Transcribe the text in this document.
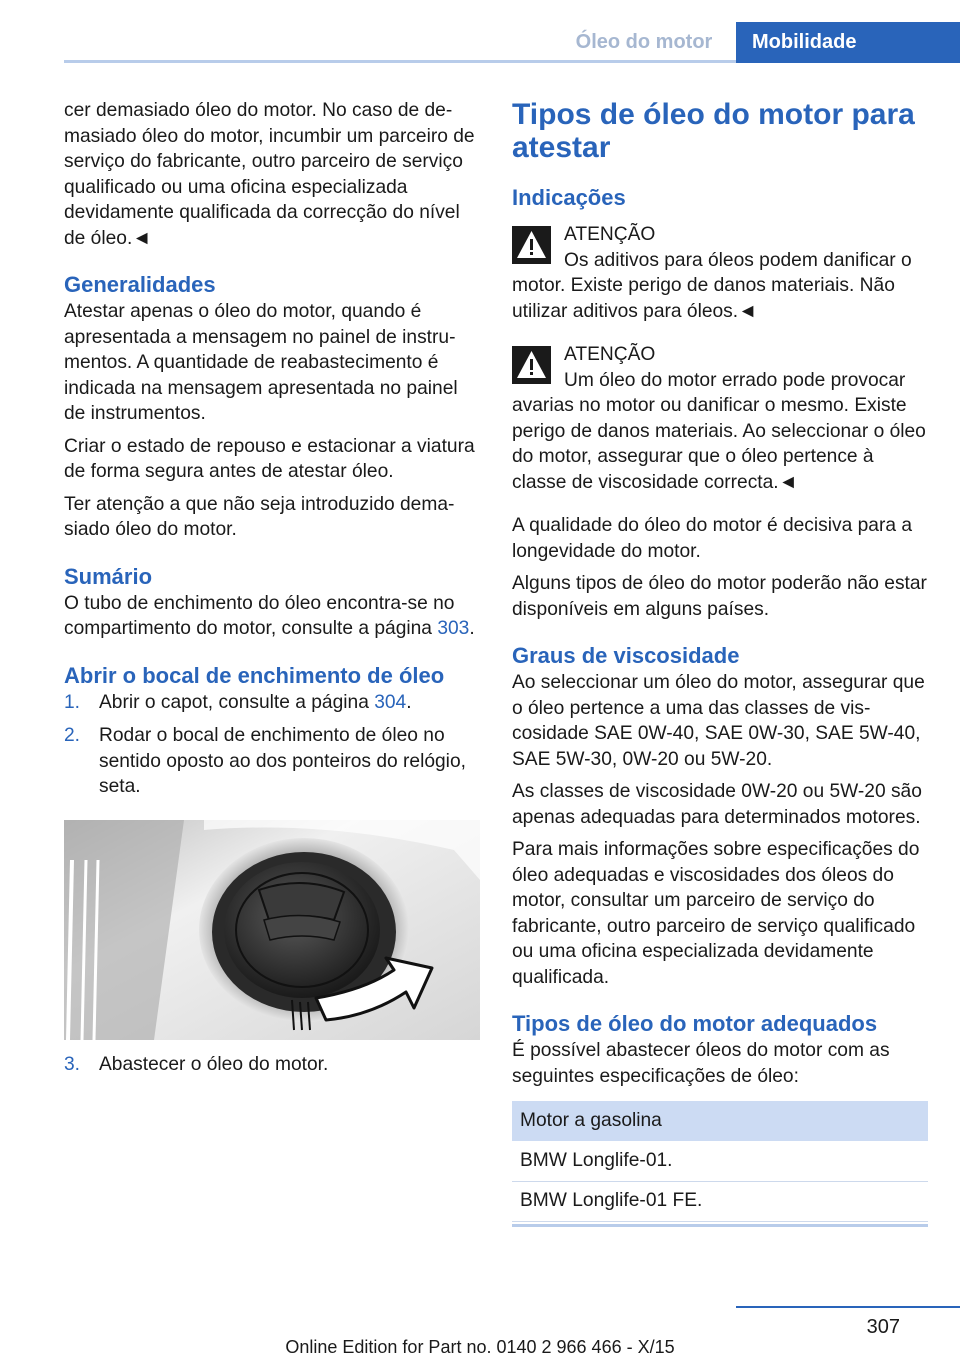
Óleo do motor	Mobilidade

cer demasiado óleo do motor. No caso de demasiado óleo do motor, incumbir um parceiro de serviço do fabricante, outro parceiro de serviço qualificado ou uma oficina especializada devidamente qualificada da correcção do nível de óleo.◄

Generalidades

Atestar apenas o óleo do motor, quando é apresentada a mensagem no painel de instrumentos. A quantidade de reabastecimento é indicada na mensagem apresentada no painel de instrumentos.

Criar o estado de repouso e estacionar a viatura de forma segura antes de atestar óleo.

Ter atenção a que não seja introduzido demasiado óleo do motor.

Sumário

O tubo de enchimento do óleo encontra-se no compartimento do motor, consulte a página 303.

Abrir o bocal de enchimento de óleo
1. Abrir o capot, consulte a página 304.
2. Rodar o bocal de enchimento de óleo no sentido oposto ao dos ponteiros do relógio, seta.
3. Abastecer o óleo do motor.
Tipos de óleo do motor para atestar
Indicações
ATENÇÃO
Os aditivos para óleos podem danificar o
motor. Existe perigo de danos materiais. Não utilizar aditivos para óleos.◄
ATENÇÃO
Um óleo do motor errado pode provocar
avarias no motor ou danificar o mesmo. Existe perigo de danos materiais. Ao seleccionar o óleo do motor, assegurar que o óleo pertence à classe de viscosidade correcta.◄

A qualidade do óleo do motor é decisiva para a longevidade do motor.

Alguns tipos de óleo do motor poderão não estar disponíveis em alguns países.

Graus de viscosidade

Ao seleccionar um óleo do motor, assegurar que o óleo pertence a uma das classes de viscosidade SAE 0W-40, SAE 0W-30, SAE 5W-40, SAE 5W-30, 0W-20 ou 5W-20.

As classes de viscosidade 0W-20 ou 5W-20 são apenas adequadas para determinados motores.

Para mais informações sobre especificações do óleo adequadas e viscosidades dos óleos do motor, consultar um parceiro de serviço do fabricante, outro parceiro de serviço qualificado ou uma oficina especializada devidamente qualificada.

Tipos de óleo do motor adequados

É possível abastecer óleos do motor com as seguintes especificações de óleo:

Motor a gasolina
BMW Longlife-01.
BMW Longlife-01 FE.
307
Online Edition for Part no. 0140 2 966 466 - X/15
